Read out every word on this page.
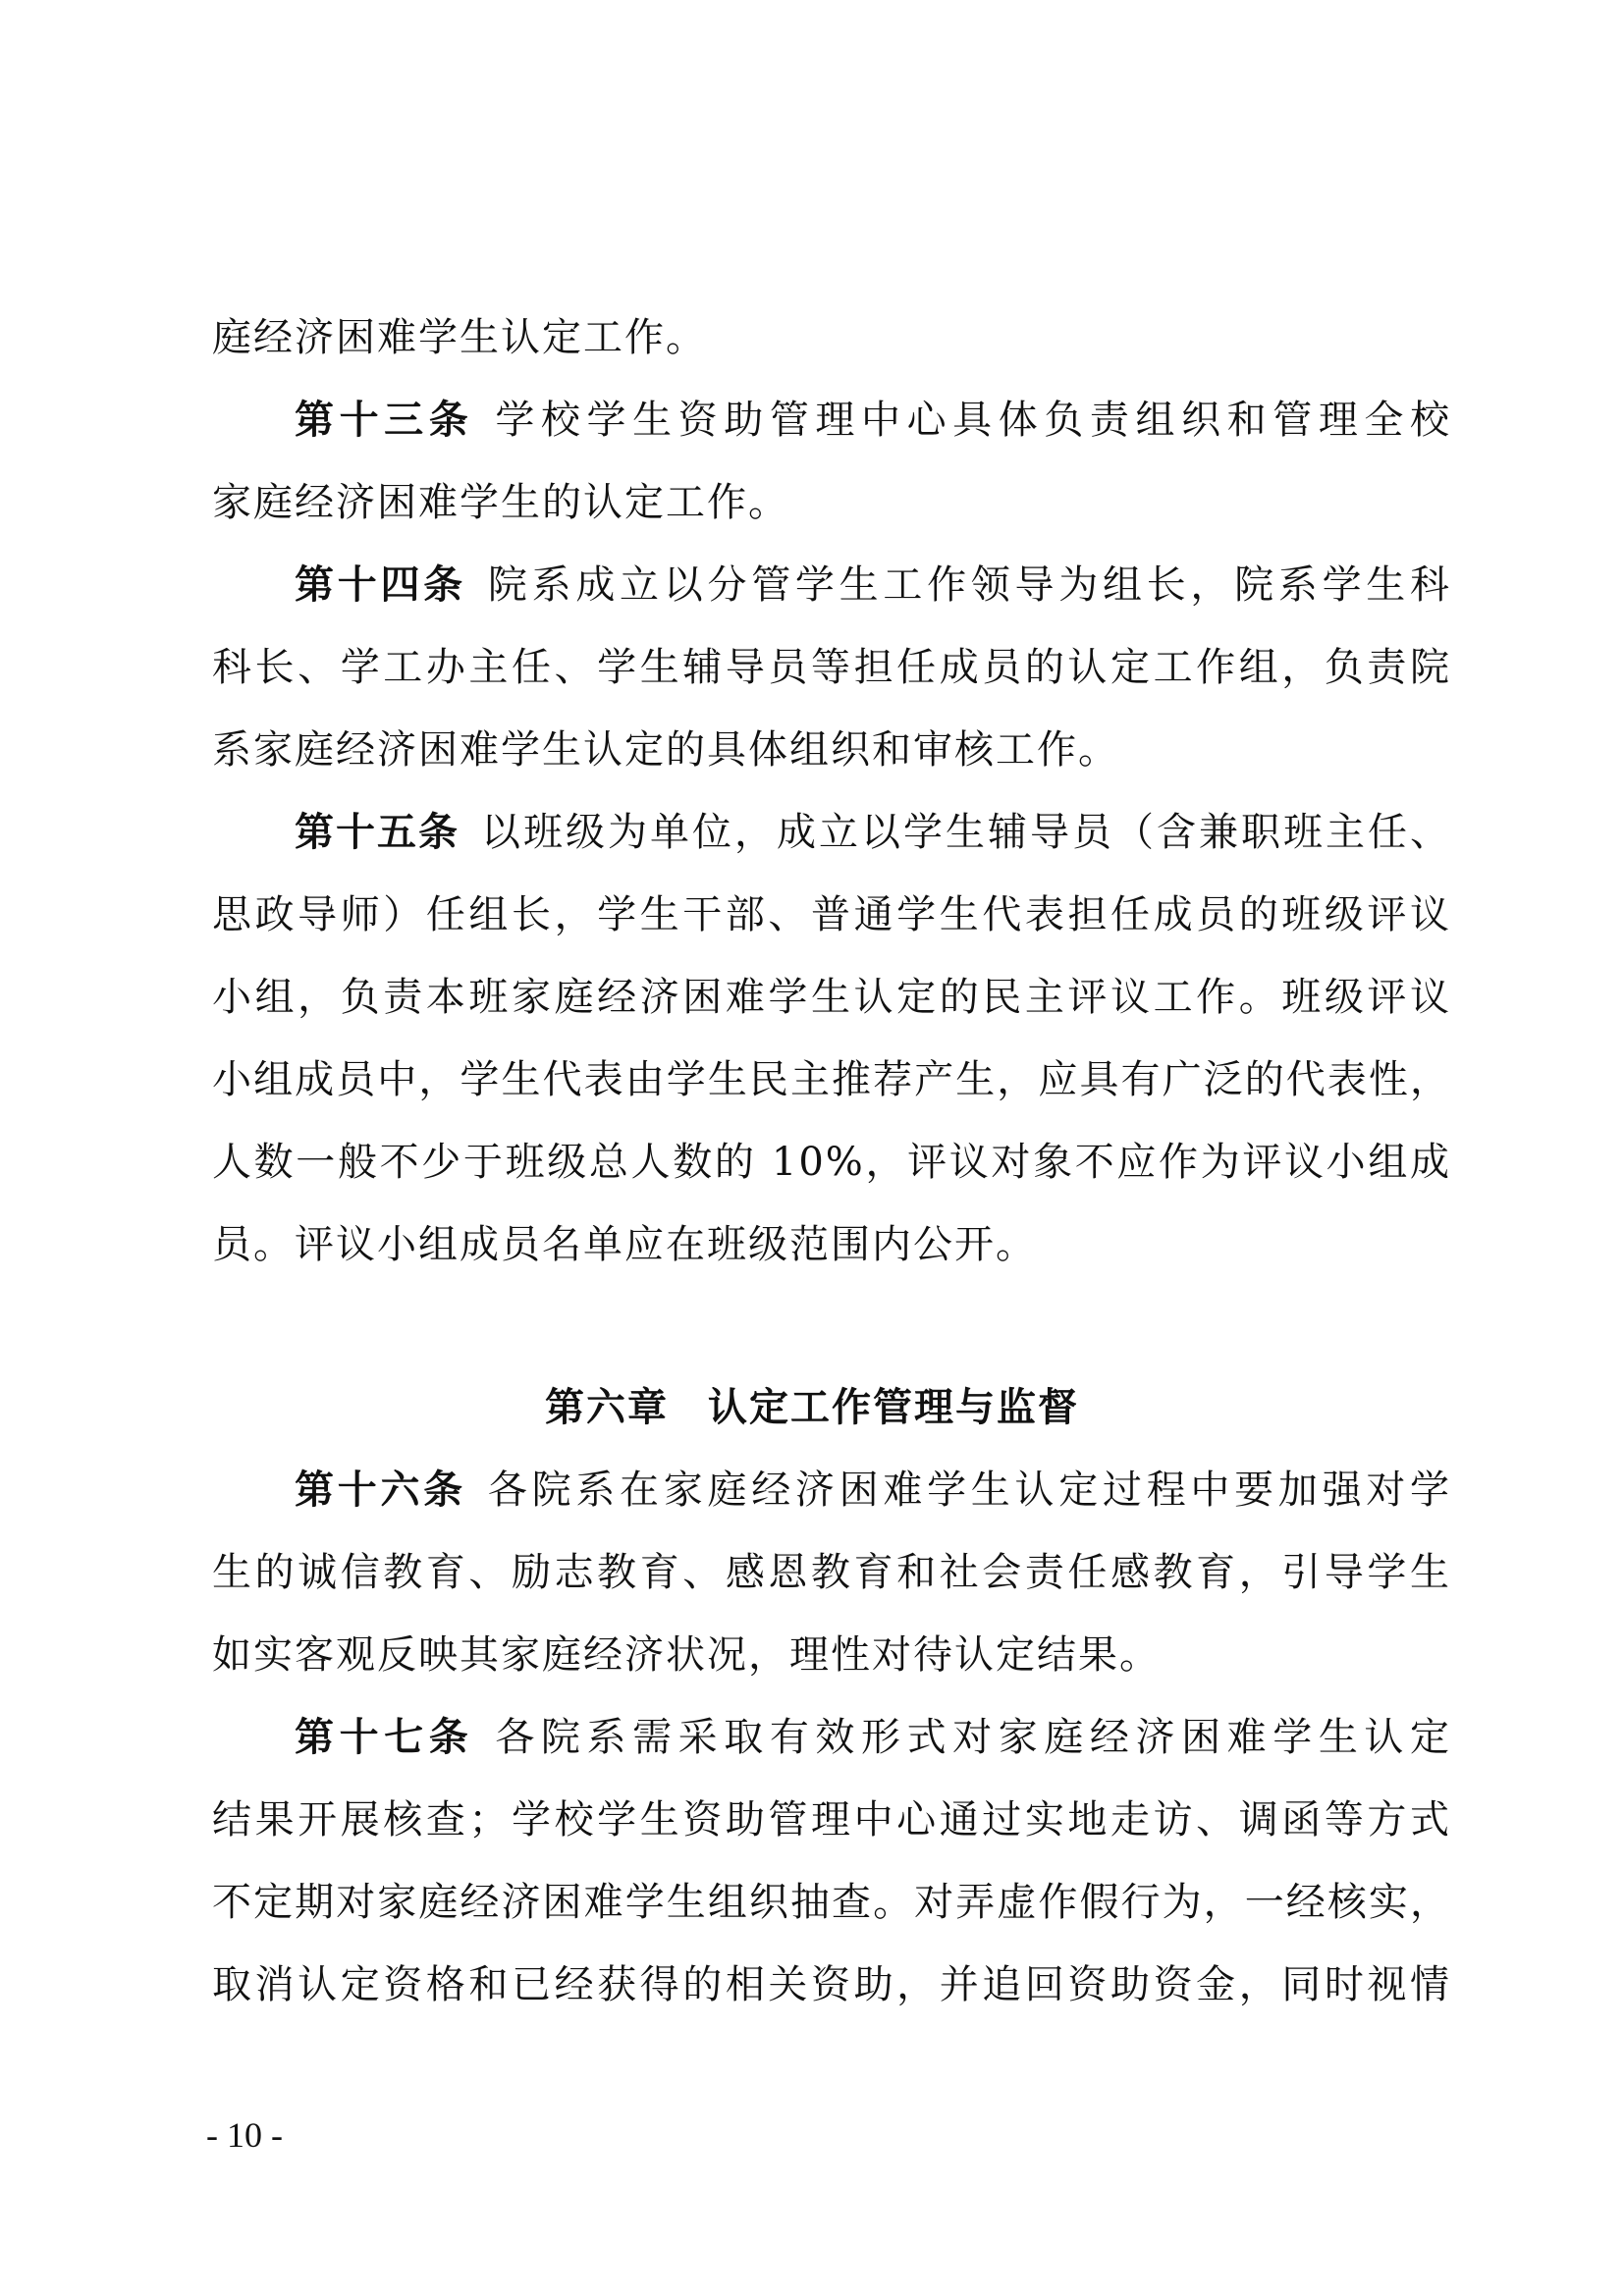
庭经济困难学生认定工作。
第十三条 学校学生资助管理中心具体负责组织和管理全校
家庭经济困难学生的认定工作。
第十四条 院系成立以分管学生工作领导为组长，院系学生科
科长、学工办主任、学生辅导员等担任成员的认定工作组，负责院
系家庭经济困难学生认定的具体组织和审核工作。
第十五条 以班级为单位，成立以学生辅导员（含兼职班主任、
思政导师）任组长，学生干部、普通学生代表担任成员的班级评议
小组，负责本班家庭经济困难学生认定的民主评议工作。班级评议
小组成员中，学生代表由学生民主推荐产生，应具有广泛的代表性，
人数一般不少于班级总人数的 10%，评议对象不应作为评议小组成
员。评议小组成员名单应在班级范围内公开。
第六章 认定工作管理与监督
第十六条 各院系在家庭经济困难学生认定过程中要加强对学
生的诚信教育、励志教育、感恩教育和社会责任感教育，引导学生
如实客观反映其家庭经济状况，理性对待认定结果。
第十七条 各院系需采取有效形式对家庭经济困难学生认定
结果开展核查；学校学生资助管理中心通过实地走访、调函等方式
不定期对家庭经济困难学生组织抽查。对弄虚作假行为，一经核实，
取消认定资格和已经获得的相关资助，并追回资助资金，同时视情
- 10 -
